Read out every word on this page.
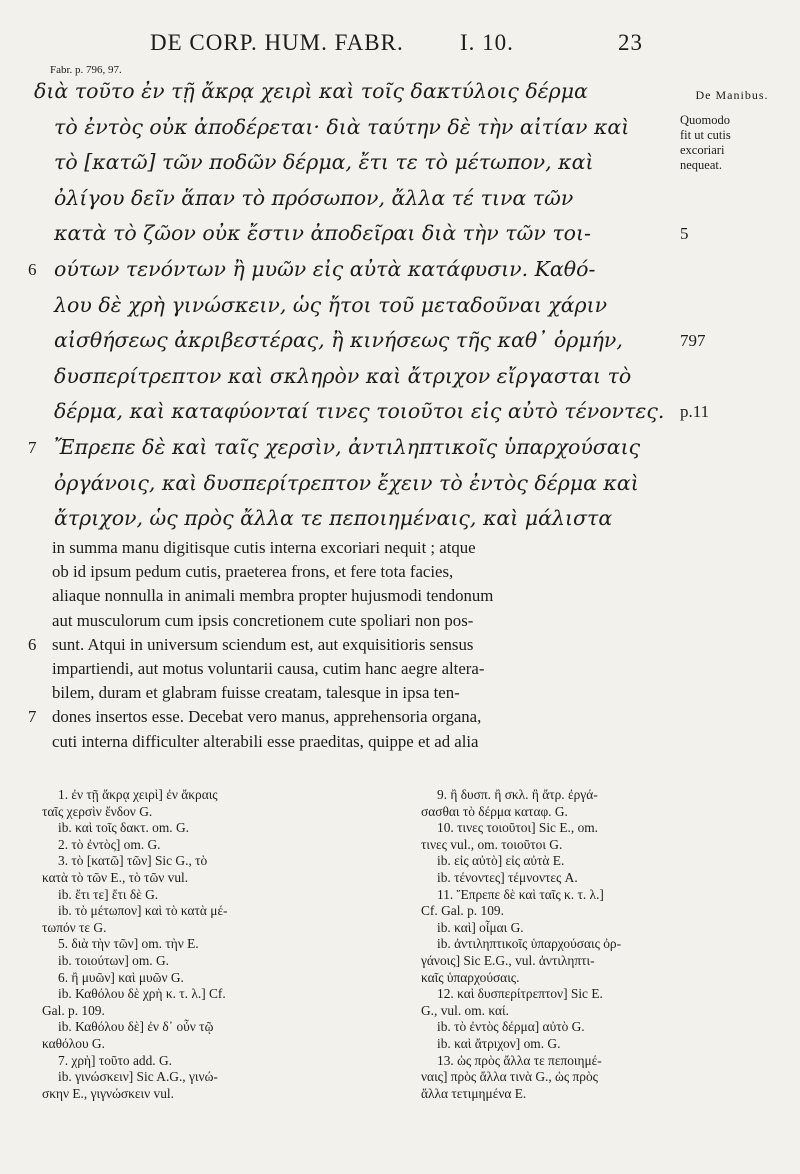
DE CORP. HUM. FABR. I. 10.	23
Fabr. p. 796, 97.
De Manibus.
Quomodo
fit ut cutis
excoriari
nequeat.
διὰ τοῦτο ἐν τῇ ἄκρᾳ χειρὶ καὶ τοῖς δακτύλοις δέρμα
τὸ ἐντὸς οὐκ ἀποδέρεται· διὰ ταύτην δὲ τὴν αἰτίαν καὶ
τὸ [κατῶ] τῶν ποδῶν δέρμα, ἔτι τε τὸ μέτωπον, καὶ
ὀλίγου δεῖν ἅπαν τὸ πρόσωπον, ἄλλα τέ τινα τῶν
κατὰ τὸ ζῶον οὐκ ἔστιν ἀποδεῖραι διὰ τὴν τῶν τοι-	5
ούτων τενόντων ἢ μυῶν εἰς αὐτὰ κατάφυσιν. Καθό-
6
λου δὲ χρὴ γινώσκειν, ὡς ἤτοι τοῦ μεταδοῦναι χάριν
αἰσθήσεως ἀκριβεστέρας, ἢ κινήσεως τῆς καθ᾽ ὁρμήν,	797
δυσπερίτρεπτον καὶ σκληρὸν καὶ ἄτριχον εἴργασται τὸ
δέρμα, καὶ καταφύονταί τινες τοιοῦτοι εἰς αὐτὸ τένοντες. p.11
Ἔπρεπε δὲ καὶ ταῖς χερσὶν, ἀντιληπτικοῖς ὑπαρχούσαις
7
ὀργάνοις, καὶ δυσπερίτρεπτον ἔχειν τὸ ἐντὸς δέρμα καὶ
ἄτριχον, ὡς πρὸς ἄλλα τε πεποιημέναις, καὶ μάλιστα
in summa manu digitisque cutis interna excoriari nequit ; atque
ob id ipsum pedum cutis, praeterea frons, et fere tota facies,
aliaque nonnulla in animali membra propter hujusmodi tendonum
aut musculorum cum ipsis concretionem cute spoliari non pos-
6 sunt. Atqui in universum sciendum est, aut exquisitioris sensus
impartiendi, aut motus voluntarii causa, cutim hanc aegre altera-
bilem, duram et glabram fuisse creatam, talesque in ipsa ten-
7 dones insertos esse. Decebat vero manus, apprehensoria organa,
cuti interna difficulter alterabili esse praeditas, quippe et ad alia
1. ἐν τῇ ἄκρᾳ χειρὶ] ἐν ἄκραις
ταῖς χερσὶν ἔνδον G.
ib. καὶ τοῖς δακτ. om. G.
2. τὸ ἐντὸς] om. G.
3. τὸ [κατῶ] τῶν] Sic G., τὸ
κατὰ τὸ τῶν E., τὸ τῶν vul.
ib. ἔτι τε] ἔτι δὲ G.
ib. τὸ μέτωπον] καὶ τὸ κατὰ μέ-
τωπόν τε G.
5. διὰ τὴν τῶν] om. τὴν E.
ib. τοιούτων] om. G.
6. ἢ μυῶν] καὶ μυῶν G.
ib. Καθόλου δὲ χρὴ κ. τ. λ.] Cf.
Gal. p. 109.
ib. Καθόλου δὲ] ἐν δ᾽ οὖν τῷ
καθόλου G.
7. χρὴ] τοῦτο add. G.
ib. γινώσκειν] Sic A.G., γινώ-
σκην E., γιγνώσκειν vul.
9. ἢ δυσπ. ἢ σκλ. ἢ ἄτρ. ἐργά-
σασθαι τὸ δέρμα καταφ. G.
10. τινες τοιοῦτοι] Sic E., om.
τινες vul., om. τοιοῦτοι G.
ib. εἰς αὐτὸ] εἰς αὐτὰ E.
ib. τένοντες] τέμνοντες A.
11. Ἔπρεπε δὲ καὶ ταῖς κ. τ. λ.]
Cf. Gal. p. 109.
ib. καὶ] οἶμαι G.
ib. ἀντιληπτικοῖς ὑπαρχούσαις ὀρ-
γάνοις] Sic E.G., vul. ἀντιληπτι-
καῖς ὑπαρχούσαις.
12. καὶ δυσπερίτρεπτον] Sic E.
G., vul. om. καί.
ib. τὸ ἐντὸς δέρμα] αὐτὸ G.
ib. καὶ ἄτριχον] om. G.
13. ὡς πρὸς ἄλλα τε πεποιημέ-
ναις] πρὸς ἄλλα τινὰ G., ὡς πρὸς
ἄλλα τετιμημένα E.
